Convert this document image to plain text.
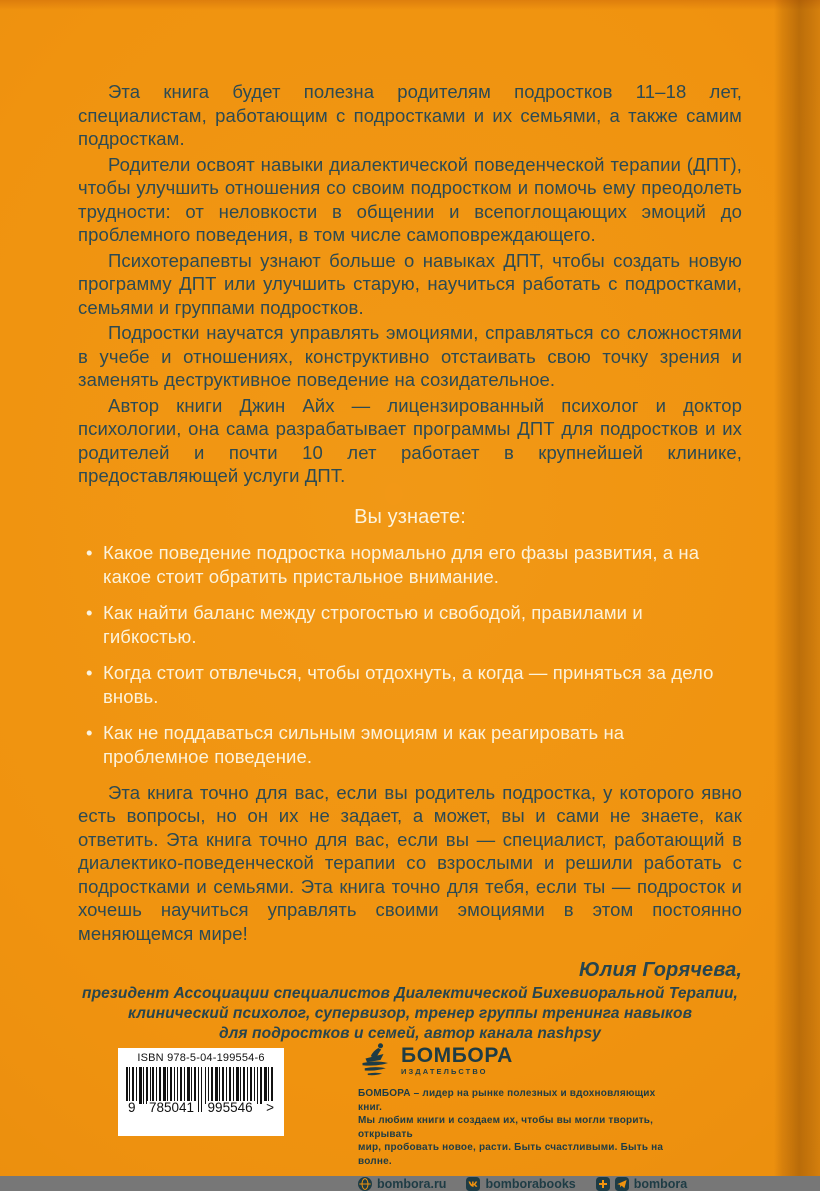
Эта книга будет полезна родителям подростков 11–18 лет, специалистам, работающим с подростками и их семьями, а также самим подросткам.

Родители освоят навыки диалектической поведенческой терапии (ДПТ), чтобы улучшить отношения со своим подростком и помочь ему преодолеть трудности: от неловкости в общении и всепоглощающих эмоций до проблемного поведения, в том числе самоповреждающего.

Психотерапевты узнают больше о навыках ДПТ, чтобы создать новую программу ДПТ или улучшить старую, научиться работать с подростками, семьями и группами подростков.

Подростки научатся управлять эмоциями, справляться со сложностями в учебе и отношениях, конструктивно отстаивать свою точку зрения и заменять деструктивное поведение на созидательное.

Автор книги Джин Айх — лицензированный психолог и доктор психологии, она сама разрабатывает программы ДПТ для подростков и их родителей и почти 10 лет работает в крупнейшей клинике, предоставляющей услуги ДПТ.

Вы узнаете:
• Какое поведение подростка нормально для его фазы развития, а на какое стоит обратить пристальное внимание.
• Как найти баланс между строгостью и свободой, правилами и гибкостью.
• Когда стоит отвлечься, чтобы отдохнуть, а когда — приняться за дело вновь.
• Как не поддаваться сильным эмоциям и как реагировать на проблемное поведение.

Эта книга точно для вас, если вы родитель подростка, у которого явно есть вопросы, но он их не задает, а может, вы и сами не знаете, как ответить. Эта книга точно для вас, если вы — специалист, работающий в диалектико-поведенческой терапии со взрослыми и решили работать с подростками и семьями. Эта книга точно для тебя, если ты — подросток и хочешь научиться управлять своими эмоциями в этом постоянно меняющемся мире!

Юлия Горячева,
президент Ассоциации специалистов Диалектической Бихевиоральной Терапии,
клинический психолог, супервизор, тренер группы тренинга навыков
для подростков и семей, автор канала nashpsy
ISBN 978-5-04-199554-6
9 785041 995546 >
БОМБОРА
ИЗДАТЕЛЬСТВО
БОМБОРА – лидер на рынке полезных и вдохновляющих книг.
Мы любим книги и создаем их, чтобы вы могли творить, открывать
мир, пробовать новое, расти. Быть счастливыми. Быть на волне.
bombora.ru	bomborabooks	bombora
